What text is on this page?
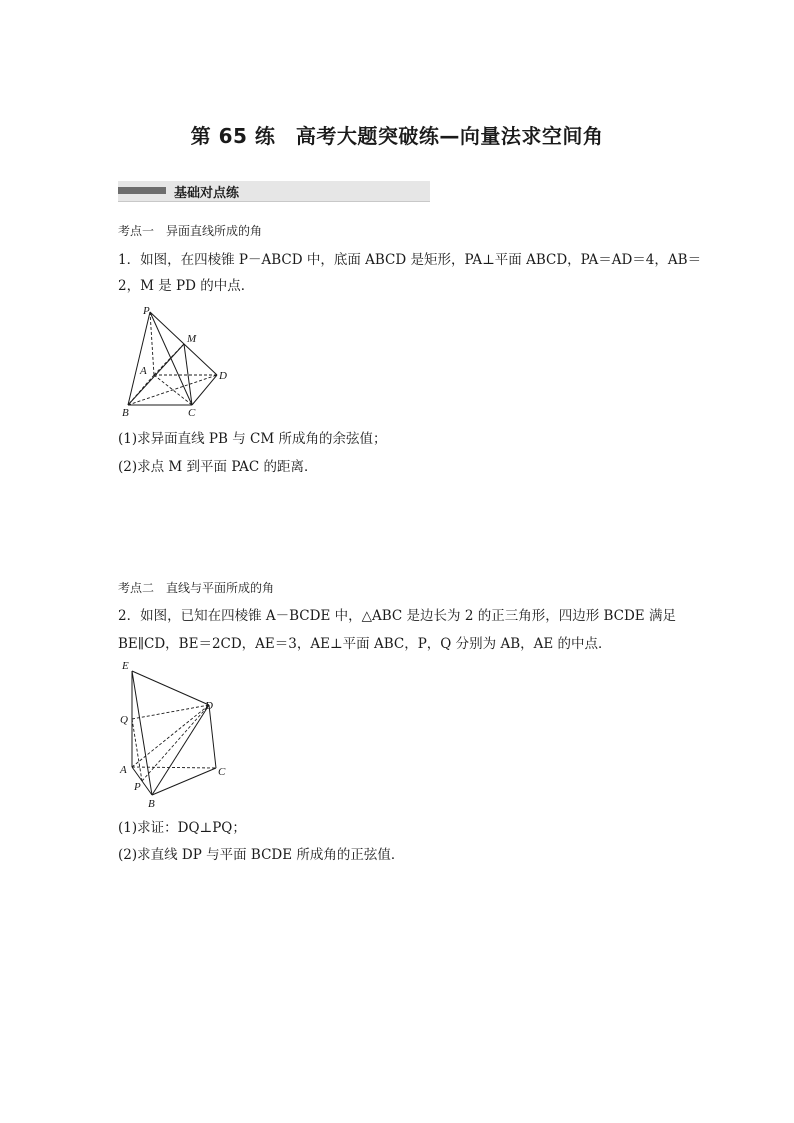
第 65 练　高考大题突破练—向量法求空间角
基础对点练
考点一　异面直线所成的角
1．如图，在四棱锥 P－ABCD 中，底面 ABCD 是矩形，PA⊥平面 ABCD，PA＝AD＝4，AB＝
2，M 是 PD 的中点．
P
M
A	D
B	C
(1)求异面直线 PB 与 CM 所成角的余弦值；
(2)求点 M 到平面 PAC 的距离．
考点二　直线与平面所成的角
2．如图，已知在四棱锥 A－BCDE 中，△ABC 是边长为 2 的正三角形，四边形 BCDE 满足
BE∥CD，BE＝2CD，AE＝3，AE⊥平面 ABC，P，Q 分别为 AB，AE 的中点．
E
Q
D
A	C
P
B
(1)求证：DQ⊥PQ；
(2)求直线 DP 与平面 BCDE 所成角的正弦值．
